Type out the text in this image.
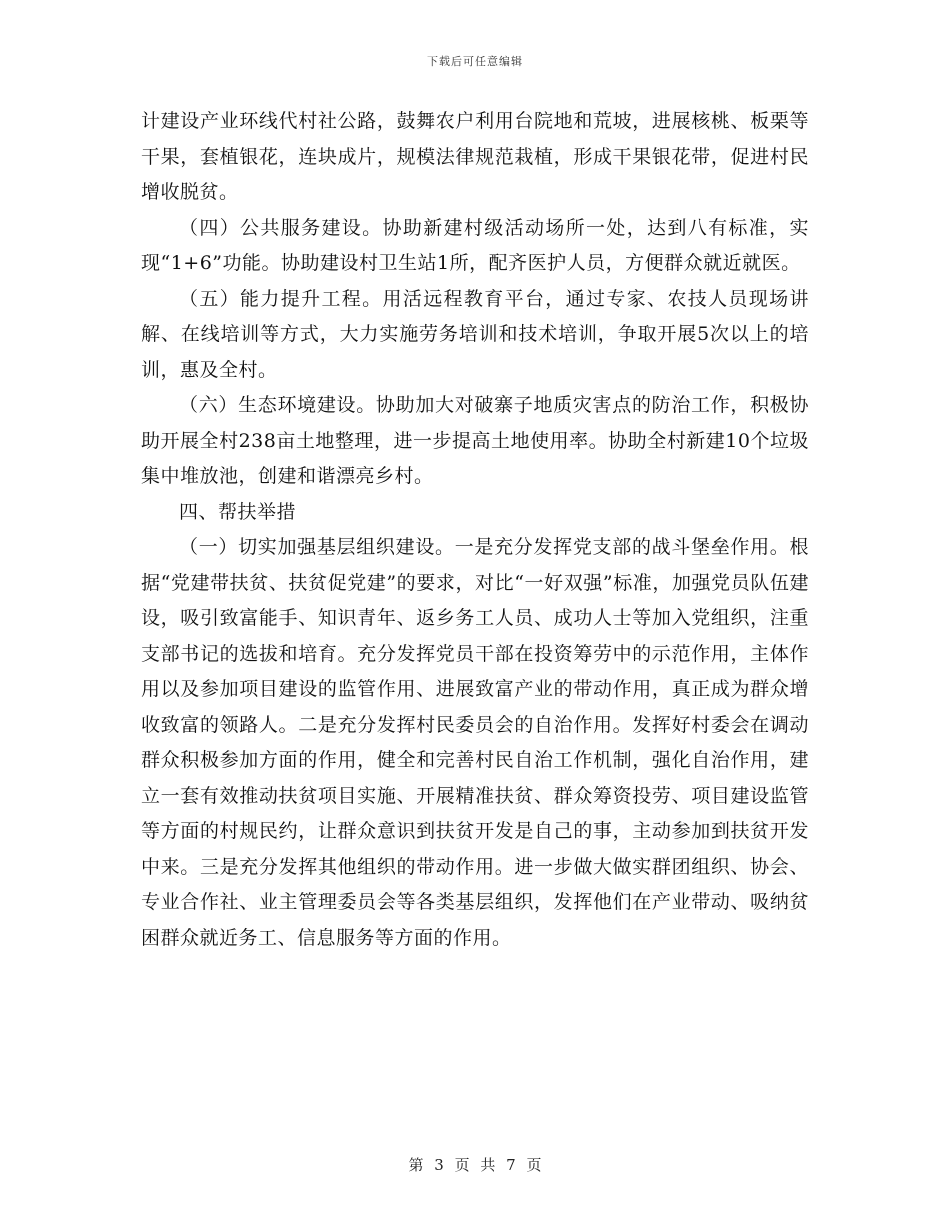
下载后可任意编辑

计建设产业环线代村社公路，鼓舞农户利用台院地和荒坡，进展核桃、板栗等干果，套植银花，连块成片，规模法律规范栽植，形成干果银花带，促进村民增收脱贫。

（四）公共服务建设。协助新建村级活动场所一处，达到八有标准，实现“1+6”功能。协助建设村卫生站1所，配齐医护人员，方便群众就近就医。

（五）能力提升工程。用活远程教育平台，通过专家、农技人员现场讲解、在线培训等方式，大力实施劳务培训和技术培训，争取开展5次以上的培训，惠及全村。

（六）生态环境建设。协助加大对破寨子地质灾害点的防治工作，积极协助开展全村238亩土地整理，进一步提高土地使用率。协助全村新建10个垃圾集中堆放池，创建和谐漂亮乡村。

四、帮扶举措

（一）切实加强基层组织建设。一是充分发挥党支部的战斗堡垒作用。根据“党建带扶贫、扶贫促党建”的要求，对比“一好双强”标准，加强党员队伍建设，吸引致富能手、知识青年、返乡务工人员、成功人士等加入党组织，注重支部书记的选拔和培育。充分发挥党员干部在投资筹劳中的示范作用，主体作用以及参加项目建设的监管作用、进展致富产业的带动作用，真正成为群众增收致富的领路人。二是充分发挥村民委员会的自治作用。发挥好村委会在调动群众积极参加方面的作用，健全和完善村民自治工作机制，强化自治作用，建立一套有效推动扶贫项目实施、开展精准扶贫、群众筹资投劳、项目建设监管等方面的村规民约，让群众意识到扶贫开发是自己的事，主动参加到扶贫开发中来。三是充分发挥其他组织的带动作用。进一步做大做实群团组织、协会、专业合作社、业主管理委员会等各类基层组织，发挥他们在产业带动、吸纳贫困群众就近务工、信息服务等方面的作用。

第 3 页 共 7 页
